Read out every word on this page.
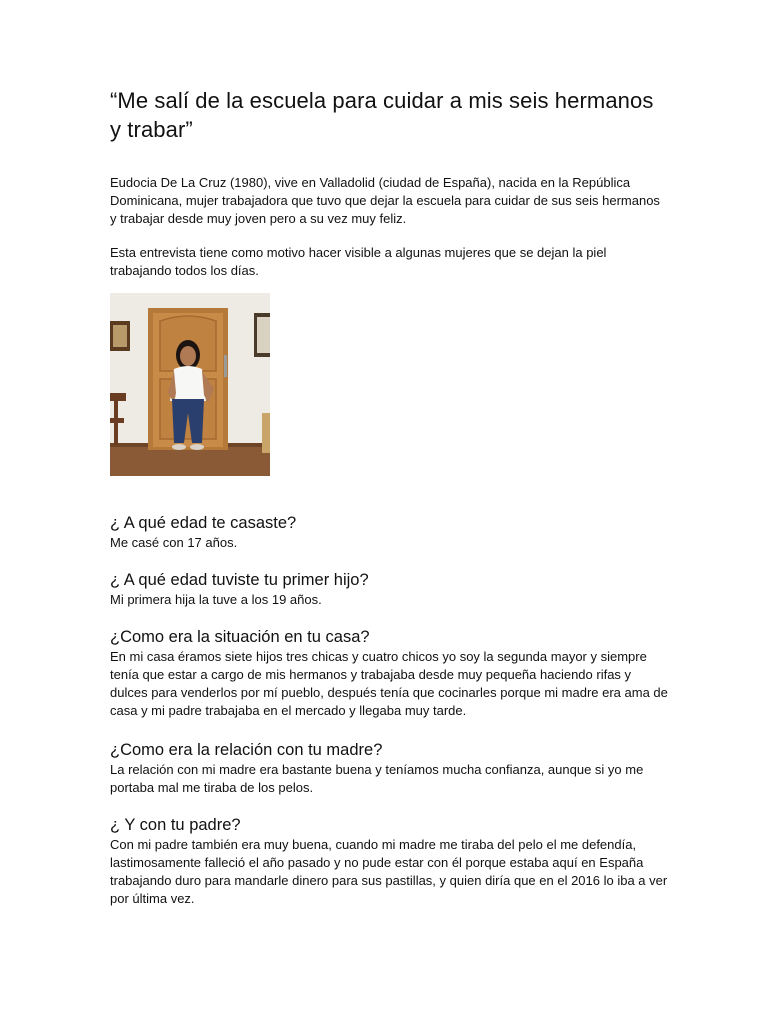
“Me salí de la escuela para cuidar a mis seis hermanos y trabar”

Eudocia De La Cruz (1980), vive en Valladolid (ciudad de España), nacida en la República Dominicana, mujer trabajadora que tuvo que dejar la escuela para cuidar de sus seis hermanos y trabajar desde muy joven pero a su vez muy feliz.

Esta entrevista tiene como motivo hacer visible a algunas mujeres que se dejan la piel trabajando todos los días.

¿ A qué edad te casaste?

Me casé con 17 años.

¿ A qué edad tuviste tu primer hijo?

Mi primera hija la tuve a los 19 años.

¿Como era la situación en tu casa?

En mi casa éramos siete hijos tres chicas y cuatro chicos yo soy la segunda mayor y siempre tenía que estar a cargo de mis hermanos y trabajaba desde muy pequeña haciendo rifas y dulces para venderlos por mí pueblo, después tenía que cocinarles porque mi madre era ama de casa y mi padre trabajaba en el mercado y llegaba muy tarde.

¿Como era la relación con tu madre?

La relación con mi madre era bastante buena y teníamos mucha confianza, aunque si yo me portaba mal me tiraba de los pelos.

¿ Y con tu padre?

Con mi padre también era muy buena, cuando mi madre me tiraba del pelo el me defendía, lastimosamente falleció el año pasado y no pude estar con él porque estaba aquí en España trabajando duro para mandarle dinero para sus pastillas, y quien diría que en el 2016 lo iba a ver por última vez.
